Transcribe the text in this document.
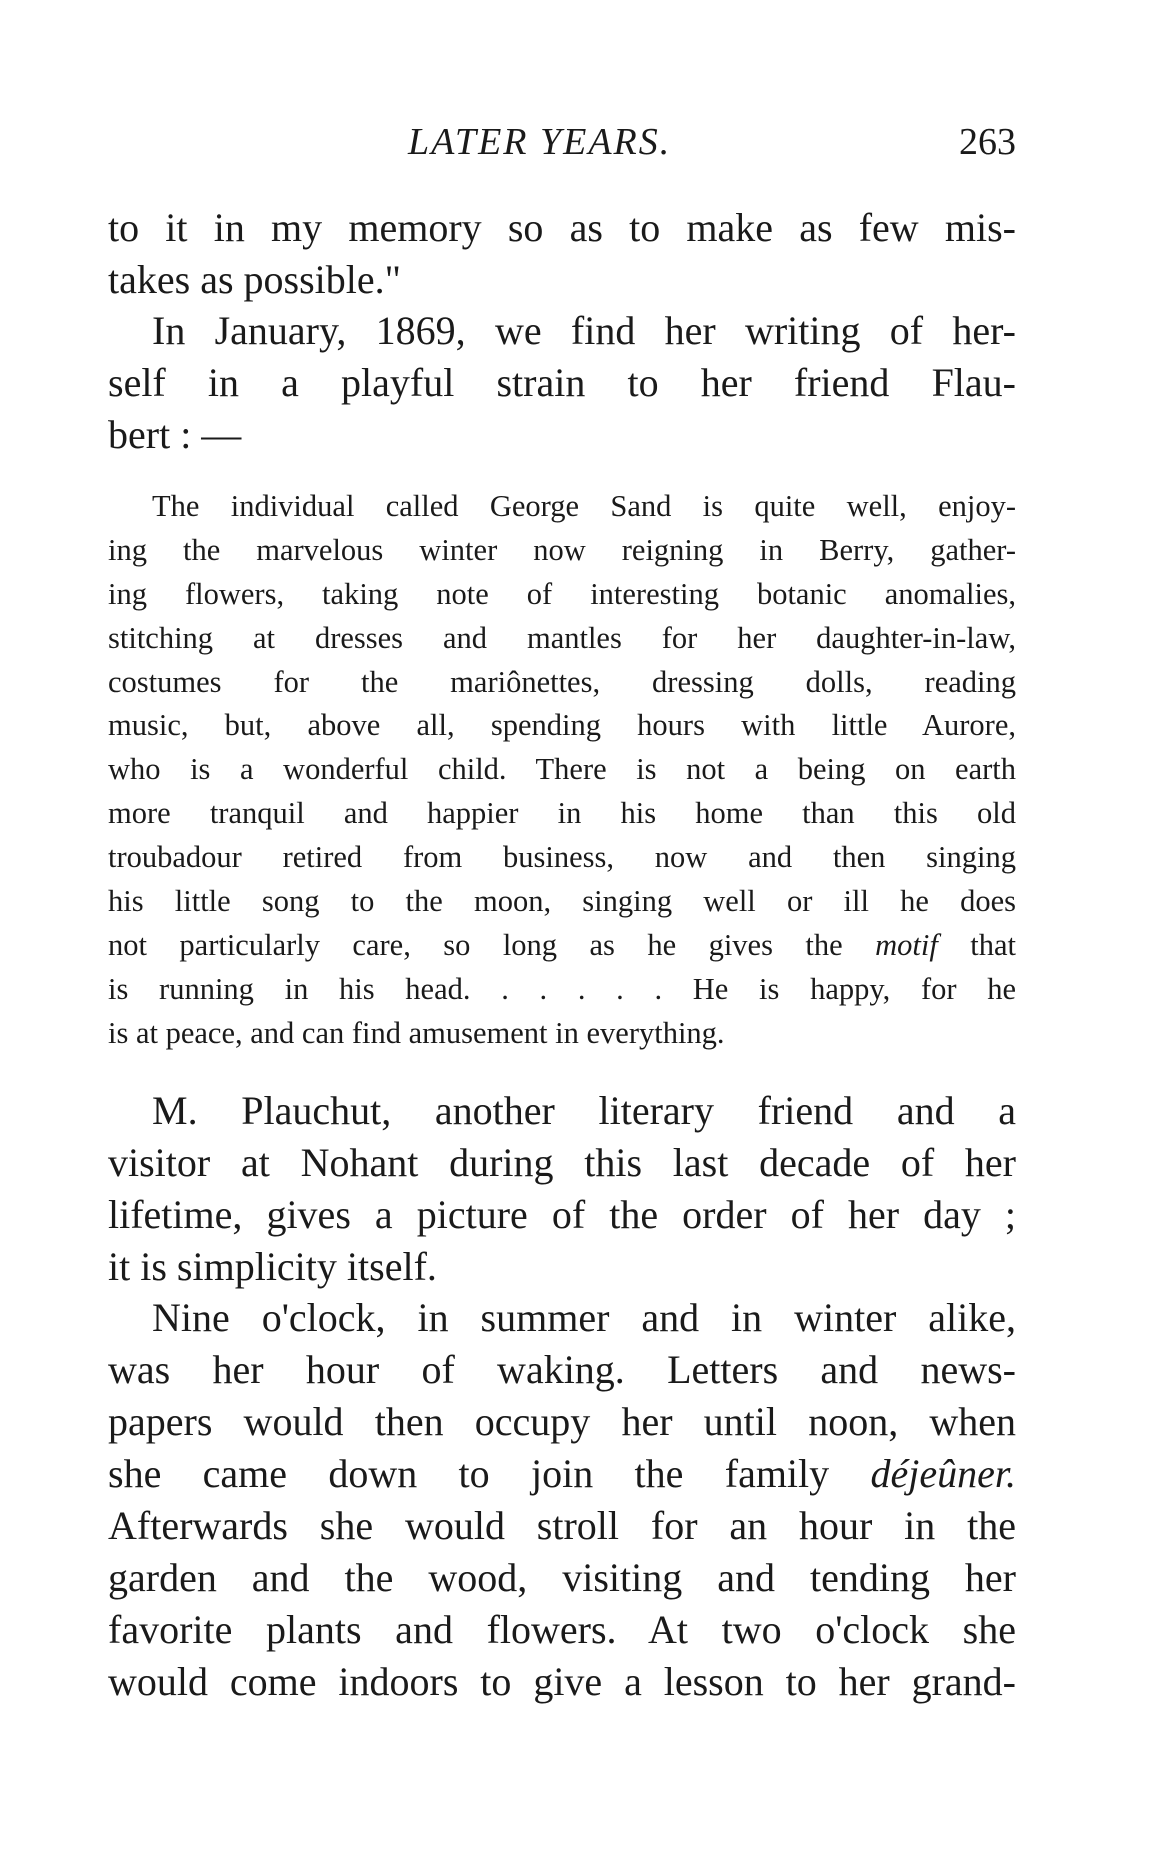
LATER YEARS.	263
to it in my memory so as to make as few mis-
takes as possible."
In January, 1869, we find her writing of her-
self in a playful strain to her friend Flau-
bert : —
The individual called George Sand is quite well, enjoy-
ing the marvelous winter now reigning in Berry, gather-
ing flowers, taking note of interesting botanic anomalies,
stitching at dresses and mantles for her daughter-in-law,
costumes for the mariônettes, dressing dolls, reading
music, but, above all, spending hours with little Aurore,
who is a wonderful child. There is not a being on earth
more tranquil and happier in his home than this old
troubadour retired from business, now and then singing
his little song to the moon, singing well or ill he does
not particularly care, so long as he gives the motif that
is running in his head. . . . . . He is happy, for he
is at peace, and can find amusement in everything.
M. Plauchut, another literary friend and a
visitor at Nohant during this last decade of her
lifetime, gives a picture of the order of her day ;
it is simplicity itself.
Nine o'clock, in summer and in winter alike,
was her hour of waking. Letters and news-
papers would then occupy her until noon, when
she came down to join the family déjeûner.
Afterwards she would stroll for an hour in the
garden and the wood, visiting and tending her
favorite plants and flowers. At two o'clock she
would come indoors to give a lesson to her grand-
